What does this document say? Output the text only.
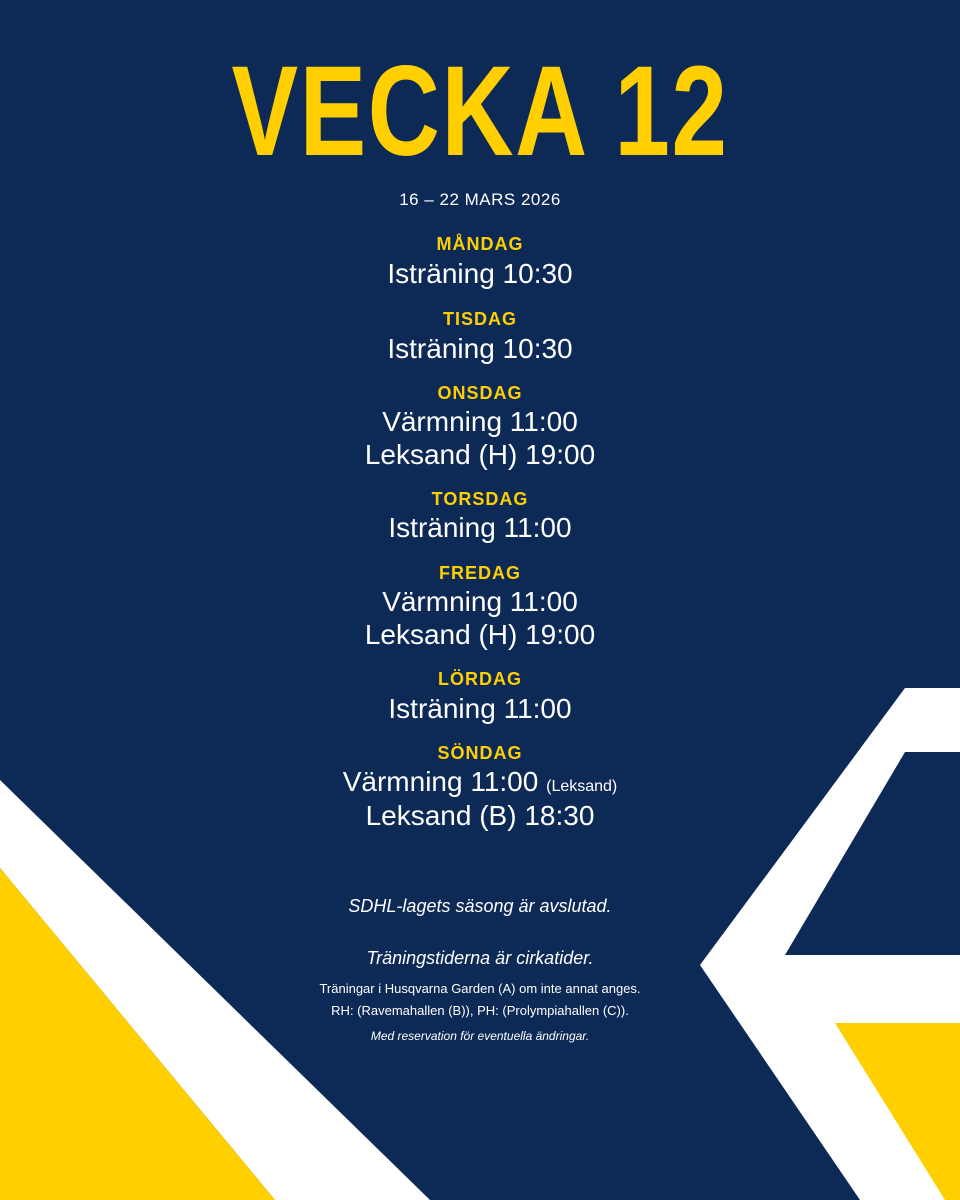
VECKA 12
16 – 22 MARS 2026
MÅNDAG
Isträning 10:30
TISDAG
Isträning 10:30
ONSDAG
Värmning 11:00
Leksand (H) 19:00
TORSDAG
Isträning 11:00
FREDAG
Värmning 11:00
Leksand (H) 19:00
LÖRDAG
Isträning 11:00
SÖNDAG
Värmning 11:00 (Leksand)
Leksand (B) 18:30
SDHL-lagets säsong är avslutad.
Träningstiderna är cirkatider.
Träningar i Husqvarna Garden (A) om inte annat anges.
RH: (Ravemahallen (B)), PH: (Prolympiahallen (C)).
Med reservation för eventuella ändringar.
